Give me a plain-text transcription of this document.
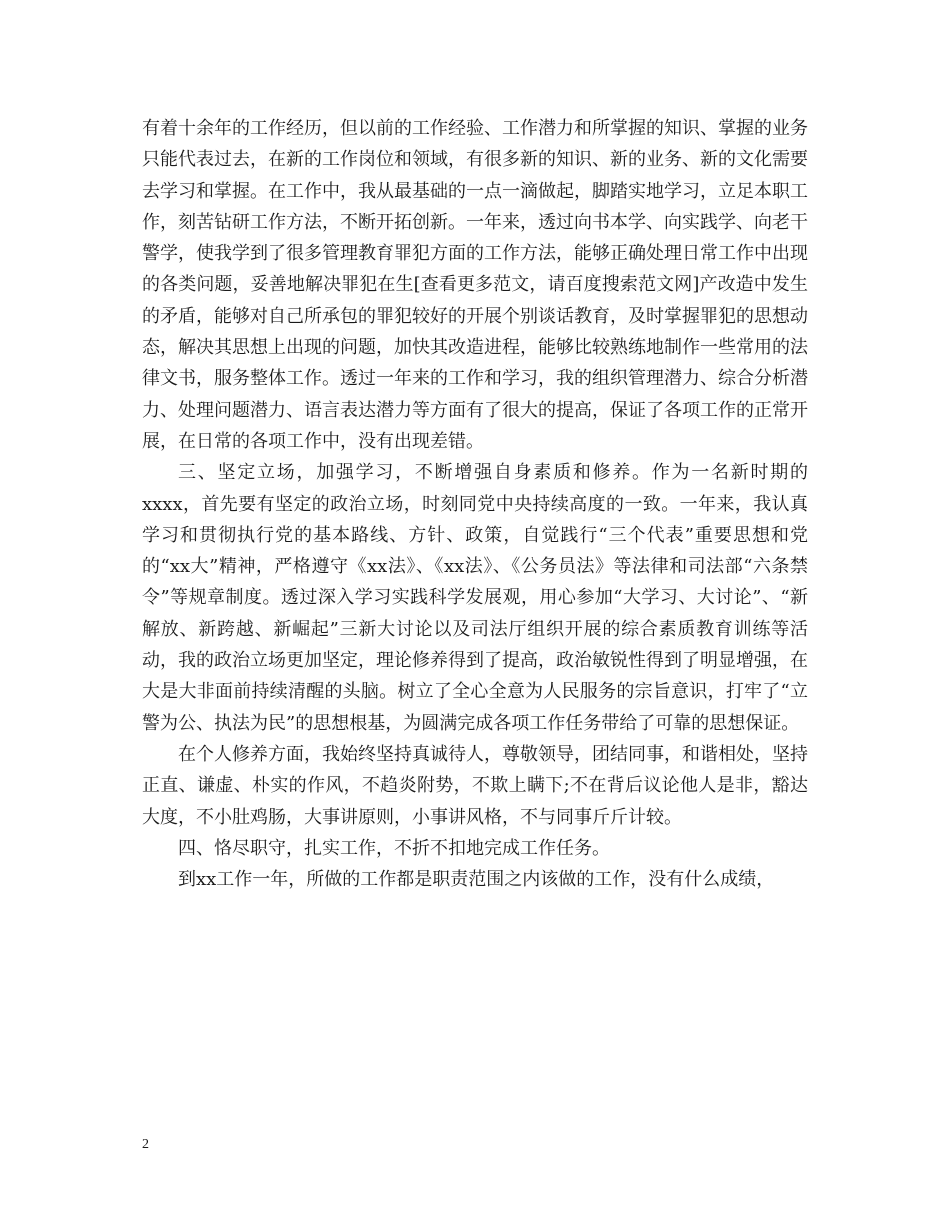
有着十余年的工作经历，但以前的工作经验、工作潜力和所掌握的知识、掌握的业务只能代表过去，在新的工作岗位和领域，有很多新的知识、新的业务、新的文化需要去学习和掌握。在工作中，我从最基础的一点一滴做起，脚踏实地学习，立足本职工作，刻苦钻研工作方法，不断开拓创新。一年来，透过向书本学、向实践学、向老干警学，使我学到了很多管理教育罪犯方面的工作方法，能够正确处理日常工作中出现的各类问题，妥善地解决罪犯在生[查看更多范文，请百度搜索范文网]产改造中发生的矛盾，能够对自己所承包的罪犯较好的开展个别谈话教育，及时掌握罪犯的思想动态，解决其思想上出现的问题，加快其改造进程，能够比较熟练地制作一些常用的法律文书，服务整体工作。透过一年来的工作和学习，我的组织管理潜力、综合分析潜力、处理问题潜力、语言表达潜力等方面有了很大的提高，保证了各项工作的正常开展，在日常的各项工作中，没有出现差错。

三、坚定立场，加强学习，不断增强自身素质和修养。作为一名新时期的xxxx，首先要有坚定的政治立场，时刻同党中央持续高度的一致。一年来，我认真学习和贯彻执行党的基本路线、方针、政策，自觉践行“三个代表”重要思想和党的“xx大”精神，严格遵守《xx法》、《xx法》、《公务员法》等法律和司法部“六条禁令”等规章制度。透过深入学习实践科学发展观，用心参加“大学习、大讨论”、“新解放、新跨越、新崛起”三新大讨论以及司法厅组织开展的综合素质教育训练等活动，我的政治立场更加坚定，理论修养得到了提高，政治敏锐性得到了明显增强，在大是大非面前持续清醒的头脑。树立了全心全意为人民服务的宗旨意识，打牢了“立警为公、执法为民”的思想根基，为圆满完成各项工作任务带给了可靠的思想保证。

在个人修养方面，我始终坚持真诚待人，尊敬领导，团结同事，和谐相处，坚持正直、谦虚、朴实的作风，不趋炎附势，不欺上瞒下;不在背后议论他人是非，豁达大度，不小肚鸡肠，大事讲原则，小事讲风格，不与同事斤斤计较。

四、恪尽职守，扎实工作，不折不扣地完成工作任务。

到xx工作一年，所做的工作都是职责范围之内该做的工作，没有什么成绩，

2
